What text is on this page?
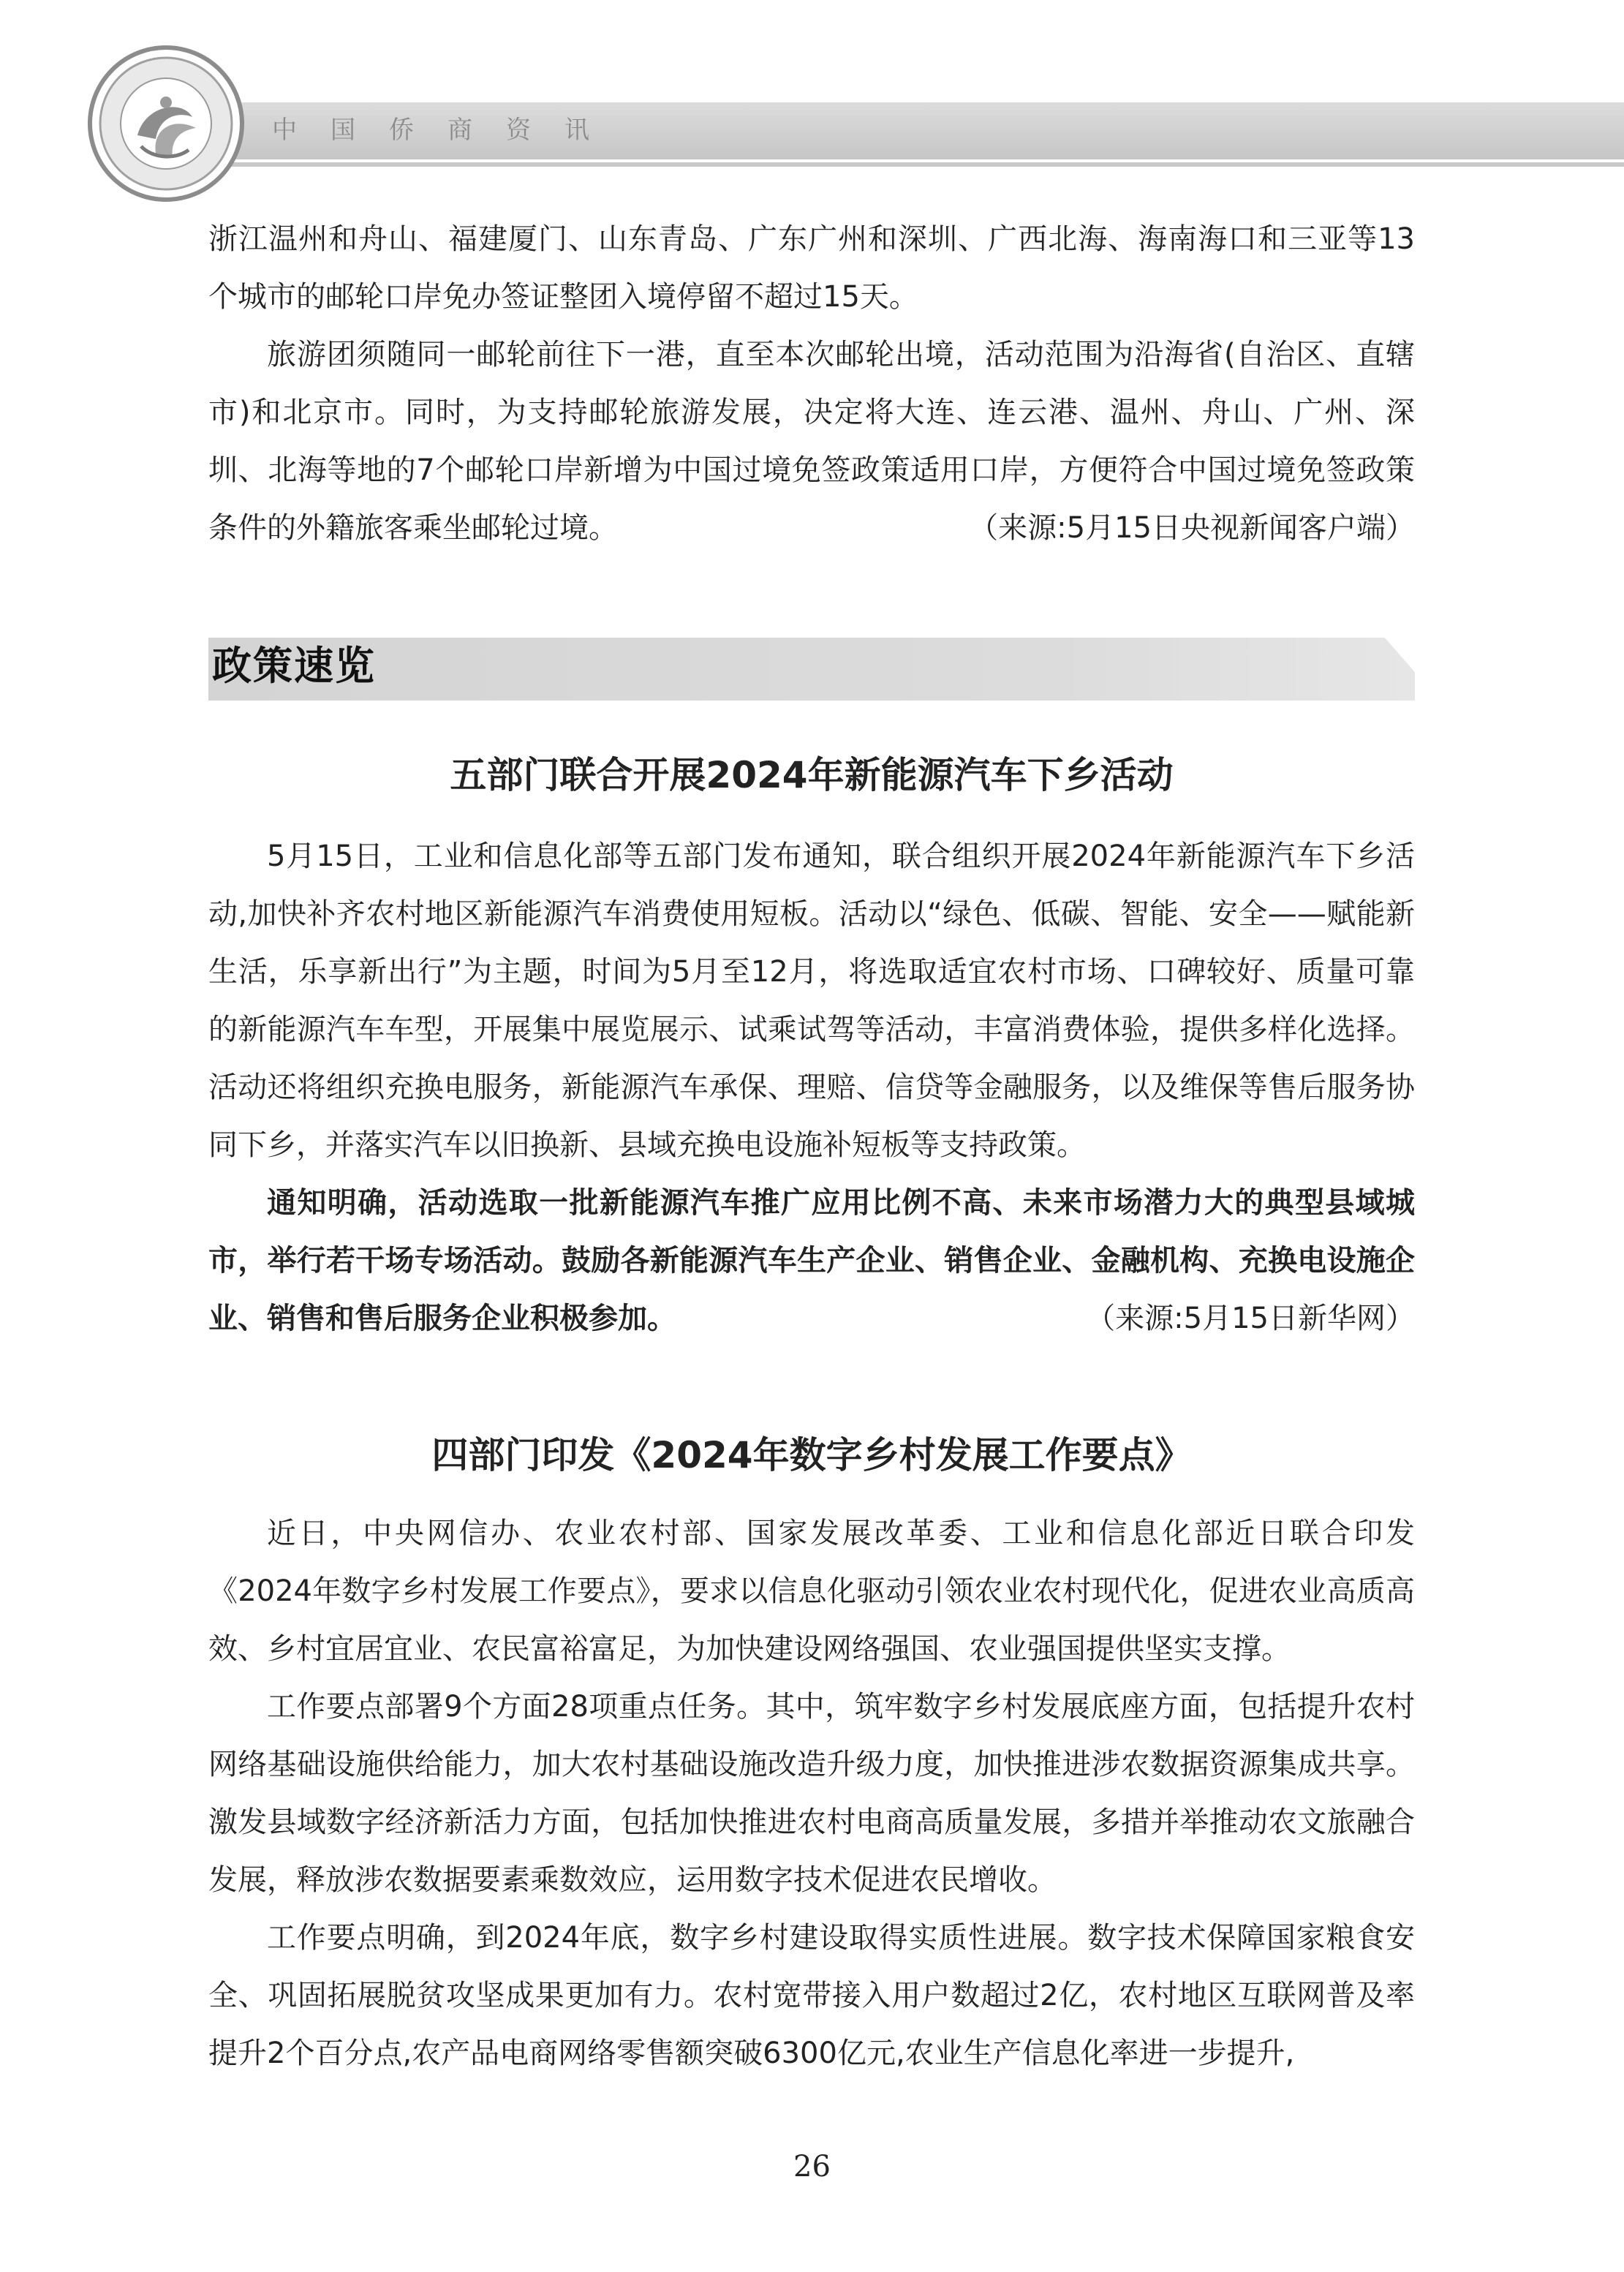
中国侨商资讯
浙江温州和舟山、福建厦门、山东青岛、广东广州和深圳、广西北海、海南海口和三亚等13个城市的邮轮口岸免办签证整团入境停留不超过15天。
旅游团须随同一邮轮前往下一港，直至本次邮轮出境，活动范围为沿海省(自治区、直辖市)和北京市。同时，为支持邮轮旅游发展，决定将大连、连云港、温州、舟山、广州、深圳、北海等地的7个邮轮口岸新增为中国过境免签政策适用口岸，方便符合中国过境免签政策条件的外籍旅客乘坐邮轮过境。	（来源:5月15日央视新闻客户端）
政策速览
五部门联合开展2024年新能源汽车下乡活动
5月15日，工业和信息化部等五部门发布通知，联合组织开展2024年新能源汽车下乡活动,加快补齐农村地区新能源汽车消费使用短板。活动以“绿色、低碳、智能、安全——赋能新生活，乐享新出行”为主题，时间为5月至12月，将选取适宜农村市场、口碑较好、质量可靠的新能源汽车车型，开展集中展览展示、试乘试驾等活动，丰富消费体验，提供多样化选择。活动还将组织充换电服务，新能源汽车承保、理赔、信贷等金融服务，以及维保等售后服务协同下乡，并落实汽车以旧换新、县域充换电设施补短板等支持政策。
通知明确，活动选取一批新能源汽车推广应用比例不高、未来市场潜力大的典型县域城市，举行若干场专场活动。鼓励各新能源汽车生产企业、销售企业、金融机构、充换电设施企业、销售和售后服务企业积极参加。	（来源:5月15日新华网）
四部门印发《2024年数字乡村发展工作要点》
近日，中央网信办、农业农村部、国家发展改革委、工业和信息化部近日联合印发《2024年数字乡村发展工作要点》，要求以信息化驱动引领农业农村现代化，促进农业高质高效、乡村宜居宜业、农民富裕富足，为加快建设网络强国、农业强国提供坚实支撑。
工作要点部署9个方面28项重点任务。其中，筑牢数字乡村发展底座方面，包括提升农村网络基础设施供给能力，加大农村基础设施改造升级力度，加快推进涉农数据资源集成共享。激发县域数字经济新活力方面，包括加快推进农村电商高质量发展，多措并举推动农文旅融合发展，释放涉农数据要素乘数效应，运用数字技术促进农民增收。
工作要点明确，到2024年底，数字乡村建设取得实质性进展。数字技术保障国家粮食安全、巩固拓展脱贫攻坚成果更加有力。农村宽带接入用户数超过2亿，农村地区互联网普及率提升2个百分点,农产品电商网络零售额突破6300亿元,农业生产信息化率进一步提升,
26
